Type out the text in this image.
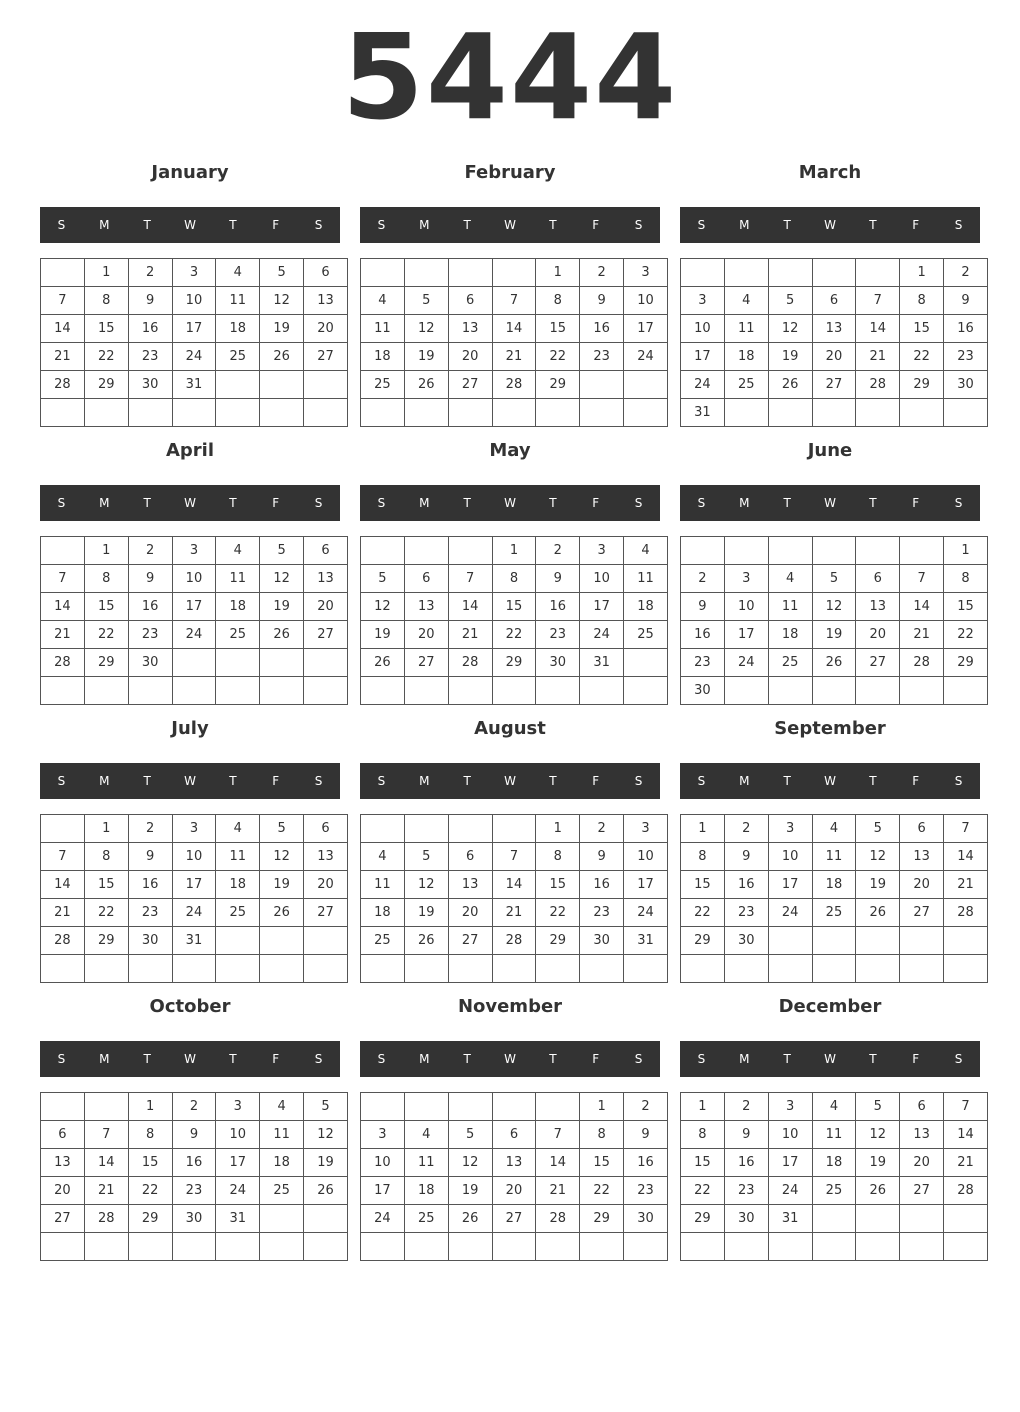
5444
January
S	M	T	W	T	F	S
	1	2	3	4	5	6
7	8	9	10	11	12	13
14	15	16	17	18	19	20
21	22	23	24	25	26	27
28	29	30	31			

February
S	M	T	W	T	F	S
				1	2	3
4	5	6	7	8	9	10
11	12	13	14	15	16	17
18	19	20	21	22	23	24
25	26	27	28	29		

March
S	M	T	W	T	F	S
					1	2
3	4	5	6	7	8	9
10	11	12	13	14	15	16
17	18	19	20	21	22	23
24	25	26	27	28	29	30
31						
April
S	M	T	W	T	F	S
	1	2	3	4	5	6
7	8	9	10	11	12	13
14	15	16	17	18	19	20
21	22	23	24	25	26	27
28	29	30				

May
S	M	T	W	T	F	S
			1	2	3	4
5	6	7	8	9	10	11
12	13	14	15	16	17	18
19	20	21	22	23	24	25
26	27	28	29	30	31	

June
S	M	T	W	T	F	S
						1
2	3	4	5	6	7	8
9	10	11	12	13	14	15
16	17	18	19	20	21	22
23	24	25	26	27	28	29
30						
July
S	M	T	W	T	F	S
	1	2	3	4	5	6
7	8	9	10	11	12	13
14	15	16	17	18	19	20
21	22	23	24	25	26	27
28	29	30	31			

August
S	M	T	W	T	F	S
				1	2	3
4	5	6	7	8	9	10
11	12	13	14	15	16	17
18	19	20	21	22	23	24
25	26	27	28	29	30	31

September
S	M	T	W	T	F	S
1	2	3	4	5	6	7
8	9	10	11	12	13	14
15	16	17	18	19	20	21
22	23	24	25	26	27	28
29	30					

October
S	M	T	W	T	F	S
		1	2	3	4	5
6	7	8	9	10	11	12
13	14	15	16	17	18	19
20	21	22	23	24	25	26
27	28	29	30	31		

November
S	M	T	W	T	F	S
					1	2
3	4	5	6	7	8	9
10	11	12	13	14	15	16
17	18	19	20	21	22	23
24	25	26	27	28	29	30

December
S	M	T	W	T	F	S
1	2	3	4	5	6	7
8	9	10	11	12	13	14
15	16	17	18	19	20	21
22	23	24	25	26	27	28
29	30	31				
